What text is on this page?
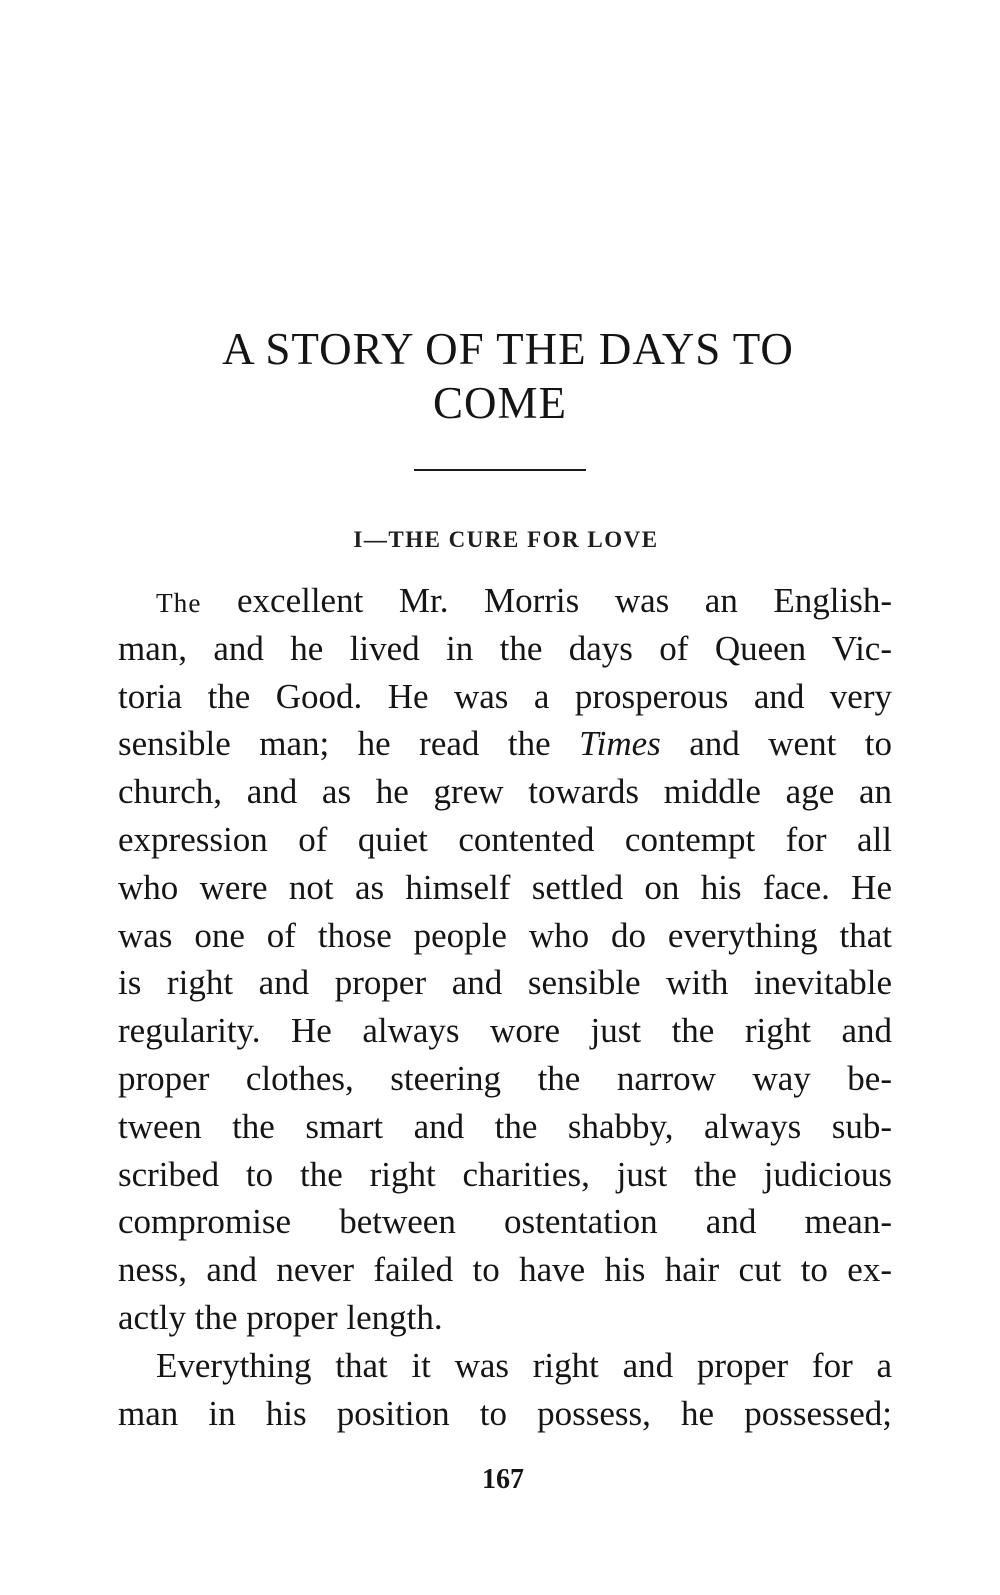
A STORY OF THE DAYS TO
COME
I—THE CURE FOR LOVE
The excellent Mr. Morris was an English-
man, and he lived in the days of Queen Vic-
toria the Good. He was a prosperous and very
sensible man; he read the Times and went to
church, and as he grew towards middle age an
expression of quiet contented contempt for all
who were not as himself settled on his face. He
was one of those people who do everything that
is right and proper and sensible with inevitable
regularity. He always wore just the right and
proper clothes, steering the narrow way be-
tween the smart and the shabby, always sub-
scribed to the right charities, just the judicious
compromise between ostentation and mean-
ness, and never failed to have his hair cut to ex-
actly the proper length.
Everything that it was right and proper for a
man in his position to possess, he possessed;
167
